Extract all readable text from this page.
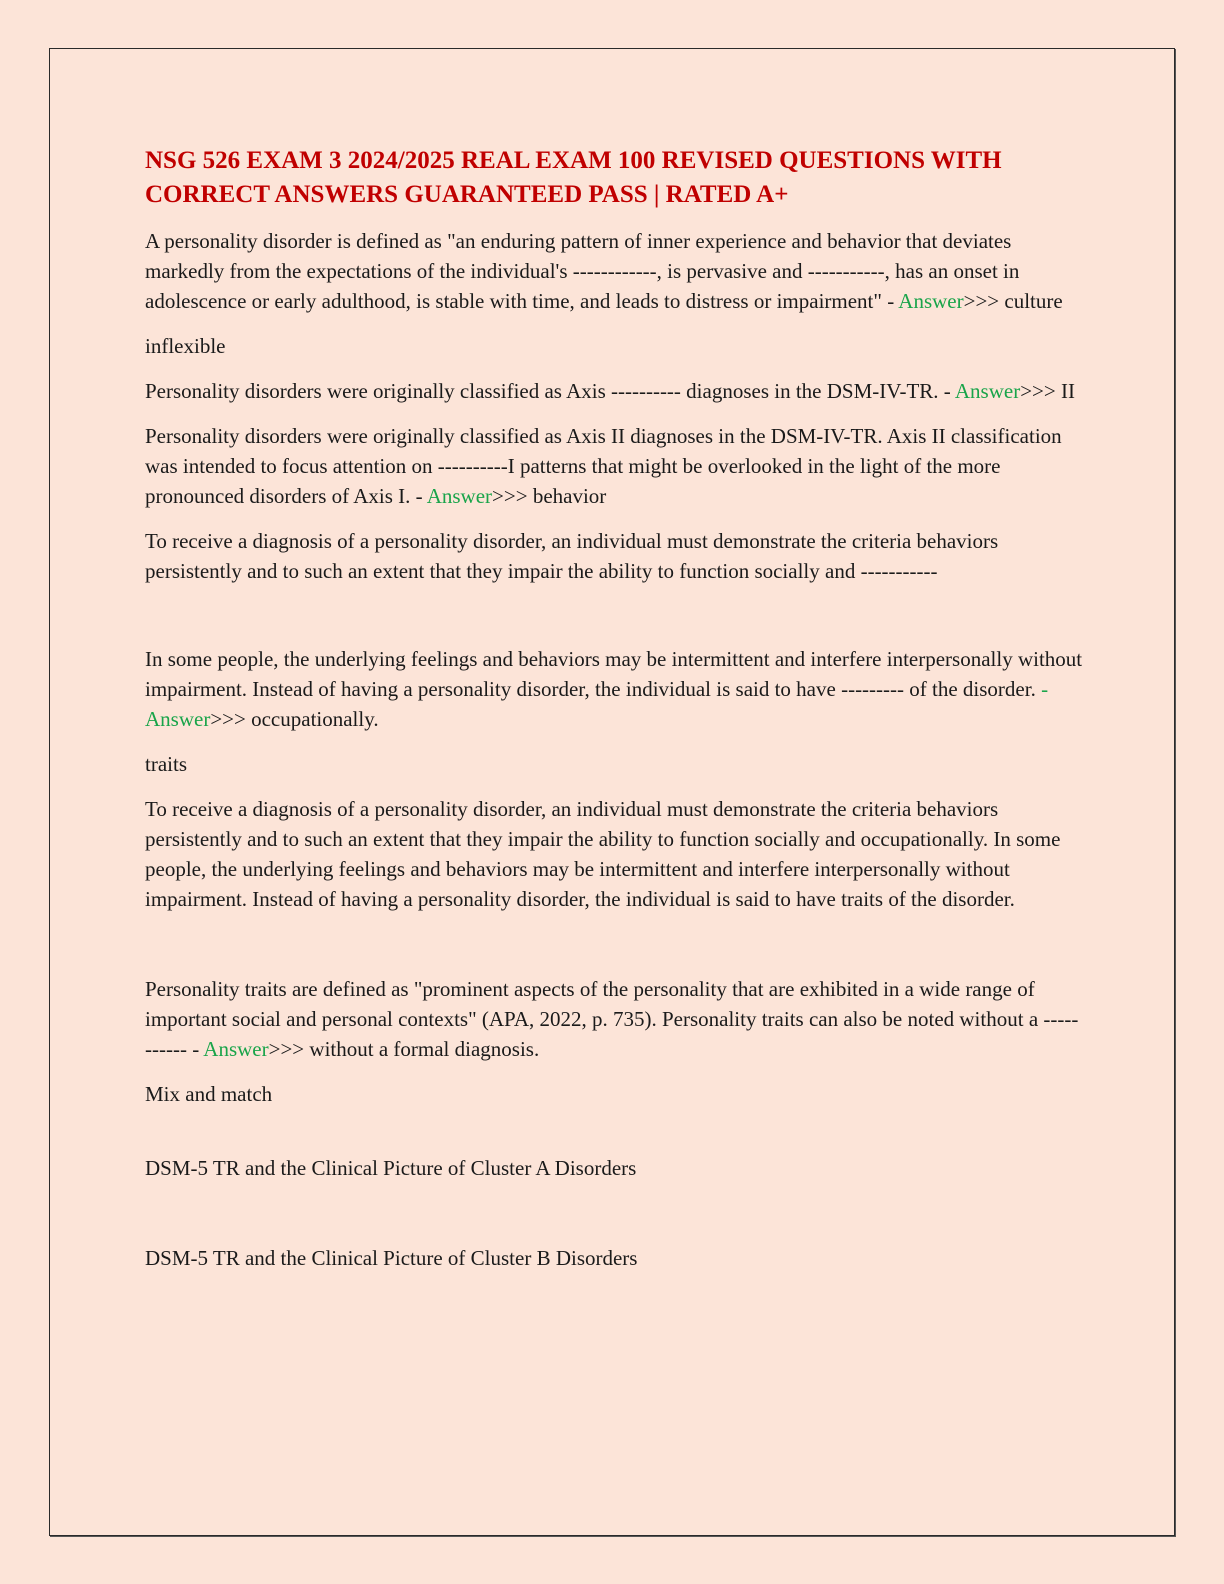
NSG 526 EXAM 3 2024/2025 REAL EXAM 100 REVISED QUESTIONS WITH CORRECT ANSWERS GUARANTEED PASS | RATED A+

A personality disorder is defined as "an enduring pattern of inner experience and behavior that deviates markedly from the expectations of the individual's ------------, is pervasive and -----------, has an onset in adolescence or early adulthood, is stable with time, and leads to distress or impairment" - Answer>>> culture

inflexible

Personality disorders were originally classified as Axis ---------- diagnoses in the DSM-IV-TR. - Answer>>> II

Personality disorders were originally classified as Axis II diagnoses in the DSM-IV-TR. Axis II classification was intended to focus attention on ----------I patterns that might be overlooked in the light of the more pronounced disorders of Axis I. - Answer>>> behavior

To receive a diagnosis of a personality disorder, an individual must demonstrate the criteria behaviors persistently and to such an extent that they impair the ability to function socially and -----------

In some people, the underlying feelings and behaviors may be intermittent and interfere interpersonally without impairment. Instead of having a personality disorder, the individual is said to have --------- of the disorder. - Answer>>> occupationally.

traits

To receive a diagnosis of a personality disorder, an individual must demonstrate the criteria behaviors persistently and to such an extent that they impair the ability to function socially and occupationally. In some people, the underlying feelings and behaviors may be intermittent and interfere interpersonally without impairment. Instead of having a personality disorder, the individual is said to have traits of the disorder.

Personality traits are defined as "prominent aspects of the personality that are exhibited in a wide range of important social and personal contexts" (APA, 2022, p. 735). Personality traits can also be noted without a ----------- - Answer>>> without a formal diagnosis.

Mix and match

DSM-5 TR and the Clinical Picture of Cluster A Disorders

DSM-5 TR and the Clinical Picture of Cluster B Disorders
